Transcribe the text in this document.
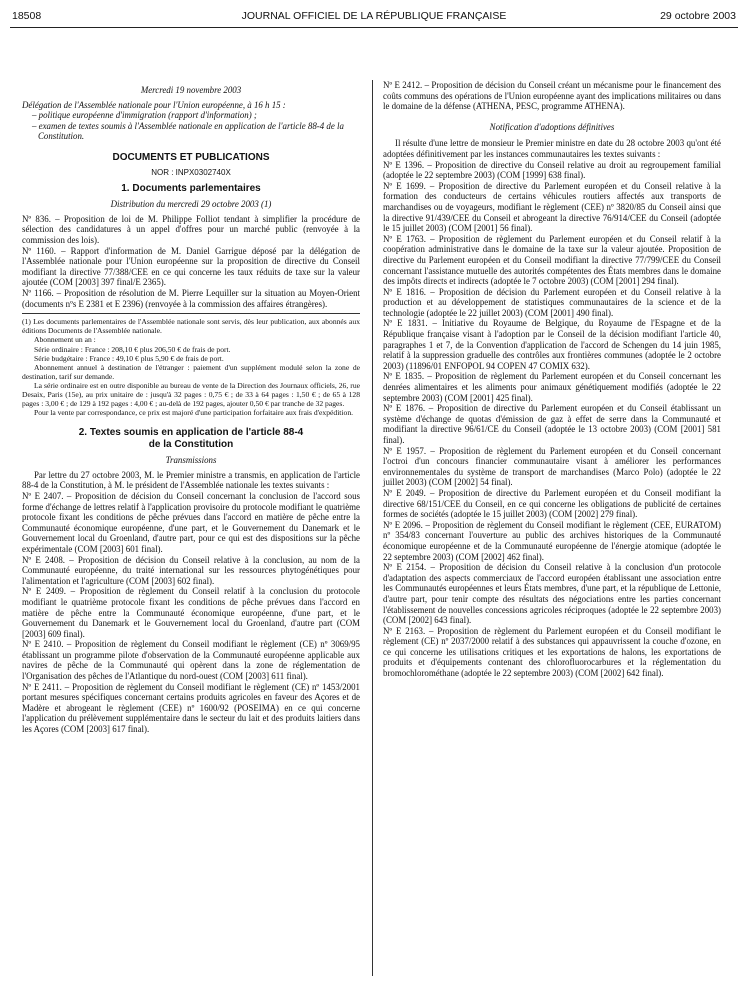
18508	JOURNAL OFFICIEL DE LA RÉPUBLIQUE FRANÇAISE	29 octobre 2003

Mercredi 19 novembre 2003

Délégation de l'Assemblée nationale pour l'Union européenne, à 16 h 15 :

– politique européenne d'immigration (rapport d'information) ;

– examen de textes soumis à l'Assemblée nationale en application de l'article 88-4 de la Constitution.

DOCUMENTS ET PUBLICATIONS

NOR : INPX0302740X

1. Documents parlementaires

Distribution du mercredi 29 octobre 2003 (1)

Nº 836. – Proposition de loi de M. Philippe Folliot tendant à simplifier la procédure de sélection des candidatures à un appel d'offres pour un marché public (renvoyée à la commission des lois).

Nº 1160. – Rapport d'information de M. Daniel Garrigue déposé par la délégation de l'Assemblée nationale pour l'Union européenne sur la proposition de directive du Conseil modifiant la directive 77/388/CEE en ce qui concerne les taux réduits de taxe sur la valeur ajoutée (COM [2003] 397 final/E 2365).

Nº 1166. – Proposition de résolution de M. Pierre Lequiller sur la situation au Moyen-Orient (documents nºs E 2381 et E 2396) (renvoyée à la commission des affaires étrangères).

(1) Les documents parlementaires de l'Assemblée nationale sont servis, dès leur publication, aux abonnés aux éditions Documents de l'Assemblée nationale.

Abonnement un an :

Série ordinaire : France : 208,10 € plus 206,50 € de frais de port.

Série budgétaire : France : 49,10 € plus 5,90 € de frais de port.

Abonnement annuel à destination de l'étranger : paiement d'un supplément modulé selon la zone de destination, tarif sur demande.

La série ordinaire est en outre disponible au bureau de vente de la Direction des Journaux officiels, 26, rue Desaix, Paris (15e), au prix unitaire de : jusqu'à 32 pages : 0,75 € ; de 33 à 64 pages : 1,50 € ; de 65 à 128 pages : 3,00 € ; de 129 à 192 pages : 4,00 € ; au-delà de 192 pages, ajouter 0,50 € par tranche de 32 pages.

Pour la vente par correspondance, ce prix est majoré d'une participation forfaitaire aux frais d'expédition.

2. Textes soumis en application de l'article 88-4

de la Constitution

Transmissions

Par lettre du 27 octobre 2003, M. le Premier ministre a transmis, en application de l'article 88-4 de la Constitution, à M. le président de l'Assemblée nationale les textes suivants :

Nº E 2407. – Proposition de décision du Conseil concernant la conclusion de l'accord sous forme d'échange de lettres relatif à l'application provisoire du protocole modifiant le quatrième protocole fixant les conditions de pêche prévues dans l'accord en matière de pêche entre la Communauté économique européenne, d'une part, et le Gouvernement du Danemark et le Gouvernement local du Groenland, d'autre part, pour ce qui est des dispositions sur la pêche expérimentale (COM [2003] 601 final).

Nº E 2408. – Proposition de décision du Conseil relative à la conclusion, au nom de la Communauté européenne, du traité international sur les ressources phytogénétiques pour l'alimentation et l'agriculture (COM [2003] 602 final).

Nº E 2409. – Proposition de règlement du Conseil relatif à la conclusion du protocole modifiant le quatrième protocole fixant les conditions de pêche prévues dans l'accord en matière de pêche entre la Communauté économique européenne, d'une part, et le Gouvernement du Danemark et le Gouvernement local du Groenland, d'autre part (COM [2003] 609 final).

Nº E 2410. – Proposition de règlement du Conseil modifiant le règlement (CE) nº 3069/95 établissant un programme pilote d'observation de la Communauté européenne applicable aux navires de pêche de la Communauté qui opèrent dans la zone de réglementation de l'Organisation des pêches de l'Atlantique du nord-ouest (COM [2003] 611 final).

Nº E 2411. – Proposition de règlement du Conseil modifiant le règlement (CE) nº 1453/2001 portant mesures spécifiques concernant certains produits agricoles en faveur des Açores et de Madère et abrogeant le règlement (CEE) nº 1600/92 (POSEIMA) en ce qui concerne l'application du prélèvement supplémentaire dans le secteur du lait et des produits laitiers dans les Açores (COM [2003] 617 final).

Nº E 2412. – Proposition de décision du Conseil créant un mécanisme pour le financement des coûts communs des opérations de l'Union européenne ayant des implications militaires ou dans le domaine de la défense (ATHENA, PESC, programme ATHENA).

Notification d'adoptions définitives

Il résulte d'une lettre de monsieur le Premier ministre en date du 28 octobre 2003 qu'ont été adoptées définitivement par les instances communautaires les textes suivants :

Nº E 1396. – Proposition de directive du Conseil relative au droit au regroupement familial (adoptée le 22 septembre 2003) (COM [1999] 638 final).

Nº E 1699. – Proposition de directive du Parlement européen et du Conseil relative à la formation des conducteurs de certains véhicules routiers affectés aux transports de marchandises ou de voyageurs, modifiant le règlement (CEE) nº 3820/85 du Conseil ainsi que la directive 91/439/CEE du Conseil et abrogeant la directive 76/914/CEE du Conseil (adoptée le 15 juillet 2003) (COM [2001] 56 final).

Nº E 1763. – Proposition de règlement du Parlement européen et du Conseil relatif à la coopération administrative dans le domaine de la taxe sur la valeur ajoutée. Proposition de directive du Parlement européen et du Conseil modifiant la directive 77/799/CEE du Conseil concernant l'assistance mutuelle des autorités compétentes des États membres dans le domaine des impôts directs et indirects (adoptée le 7 octobre 2003) (COM [2001] 294 final).

Nº E 1816. – Proposition de décision du Parlement européen et du Conseil relative à la production et au développement de statistiques communautaires de la science et de la technologie (adoptée le 22 juillet 2003) (COM [2001] 490 final).

Nº E 1831. – Initiative du Royaume de Belgique, du Royaume de l'Espagne et de la République française visant à l'adoption par le Conseil de la décision modifiant l'article 40, paragraphes 1 et 7, de la Convention d'application de l'accord de Schengen du 14 juin 1985, relatif à la suppression graduelle des contrôles aux frontières communes (adoptée le 2 octobre 2003) (11896/01 ENFOPOL 94 COPEN 47 COMIX 632).

Nº E 1835. – Proposition de règlement du Parlement européen et du Conseil concernant les denrées alimentaires et les aliments pour animaux génétiquement modifiés (adoptée le 22 septembre 2003) (COM [2001] 425 final).

Nº E 1876. – Proposition de directive du Parlement européen et du Conseil établissant un système d'échange de quotas d'émission de gaz à effet de serre dans la Communauté et modifiant la directive 96/61/CE du Conseil (adoptée le 13 octobre 2003) (COM [2001] 581 final).

Nº E 1957. – Proposition de règlement du Parlement européen et du Conseil concernant l'octroi d'un concours financier communautaire visant à améliorer les performances environnementales du système de transport de marchandises (Marco Polo) (adoptée le 22 juillet 2003) (COM [2002] 54 final).

Nº E 2049. – Proposition de directive du Parlement européen et du Conseil modifiant la directive 68/151/CEE du Conseil, en ce qui concerne les obligations de publicité de certaines formes de sociétés (adoptée le 15 juillet 2003) (COM [2002] 279 final).

Nº E 2096. – Proposition de règlement du Conseil modifiant le règlement (CEE, EURATOM) nº 354/83 concernant l'ouverture au public des archives historiques de la Communauté économique européenne et de la Communauté européenne de l'énergie atomique (adoptée le 22 septembre 2003) (COM [2002] 462 final).

Nº E 2154. – Proposition de décision du Conseil relative à la conclusion d'un protocole d'adaptation des aspects commerciaux de l'accord européen établissant une association entre les Communautés européennes et leurs États membres, d'une part, et la république de Lettonie, d'autre part, pour tenir compte des résultats des négociations entre les parties concernant l'établissement de nouvelles concessions agricoles réciproques (adoptée le 22 septembre 2003) (COM [2002] 643 final).

Nº E 2163. – Proposition de règlement du Parlement européen et du Conseil modifiant le règlement (CE) nº 2037/2000 relatif à des substances qui appauvrissent la couche d'ozone, en ce qui concerne les utilisations critiques et les exportations de halons, les exportations de produits et d'équipements contenant des chlorofluorocarbures et la réglementation du bromochlorométhane (adoptée le 22 septembre 2003) (COM [2002] 642 final).
